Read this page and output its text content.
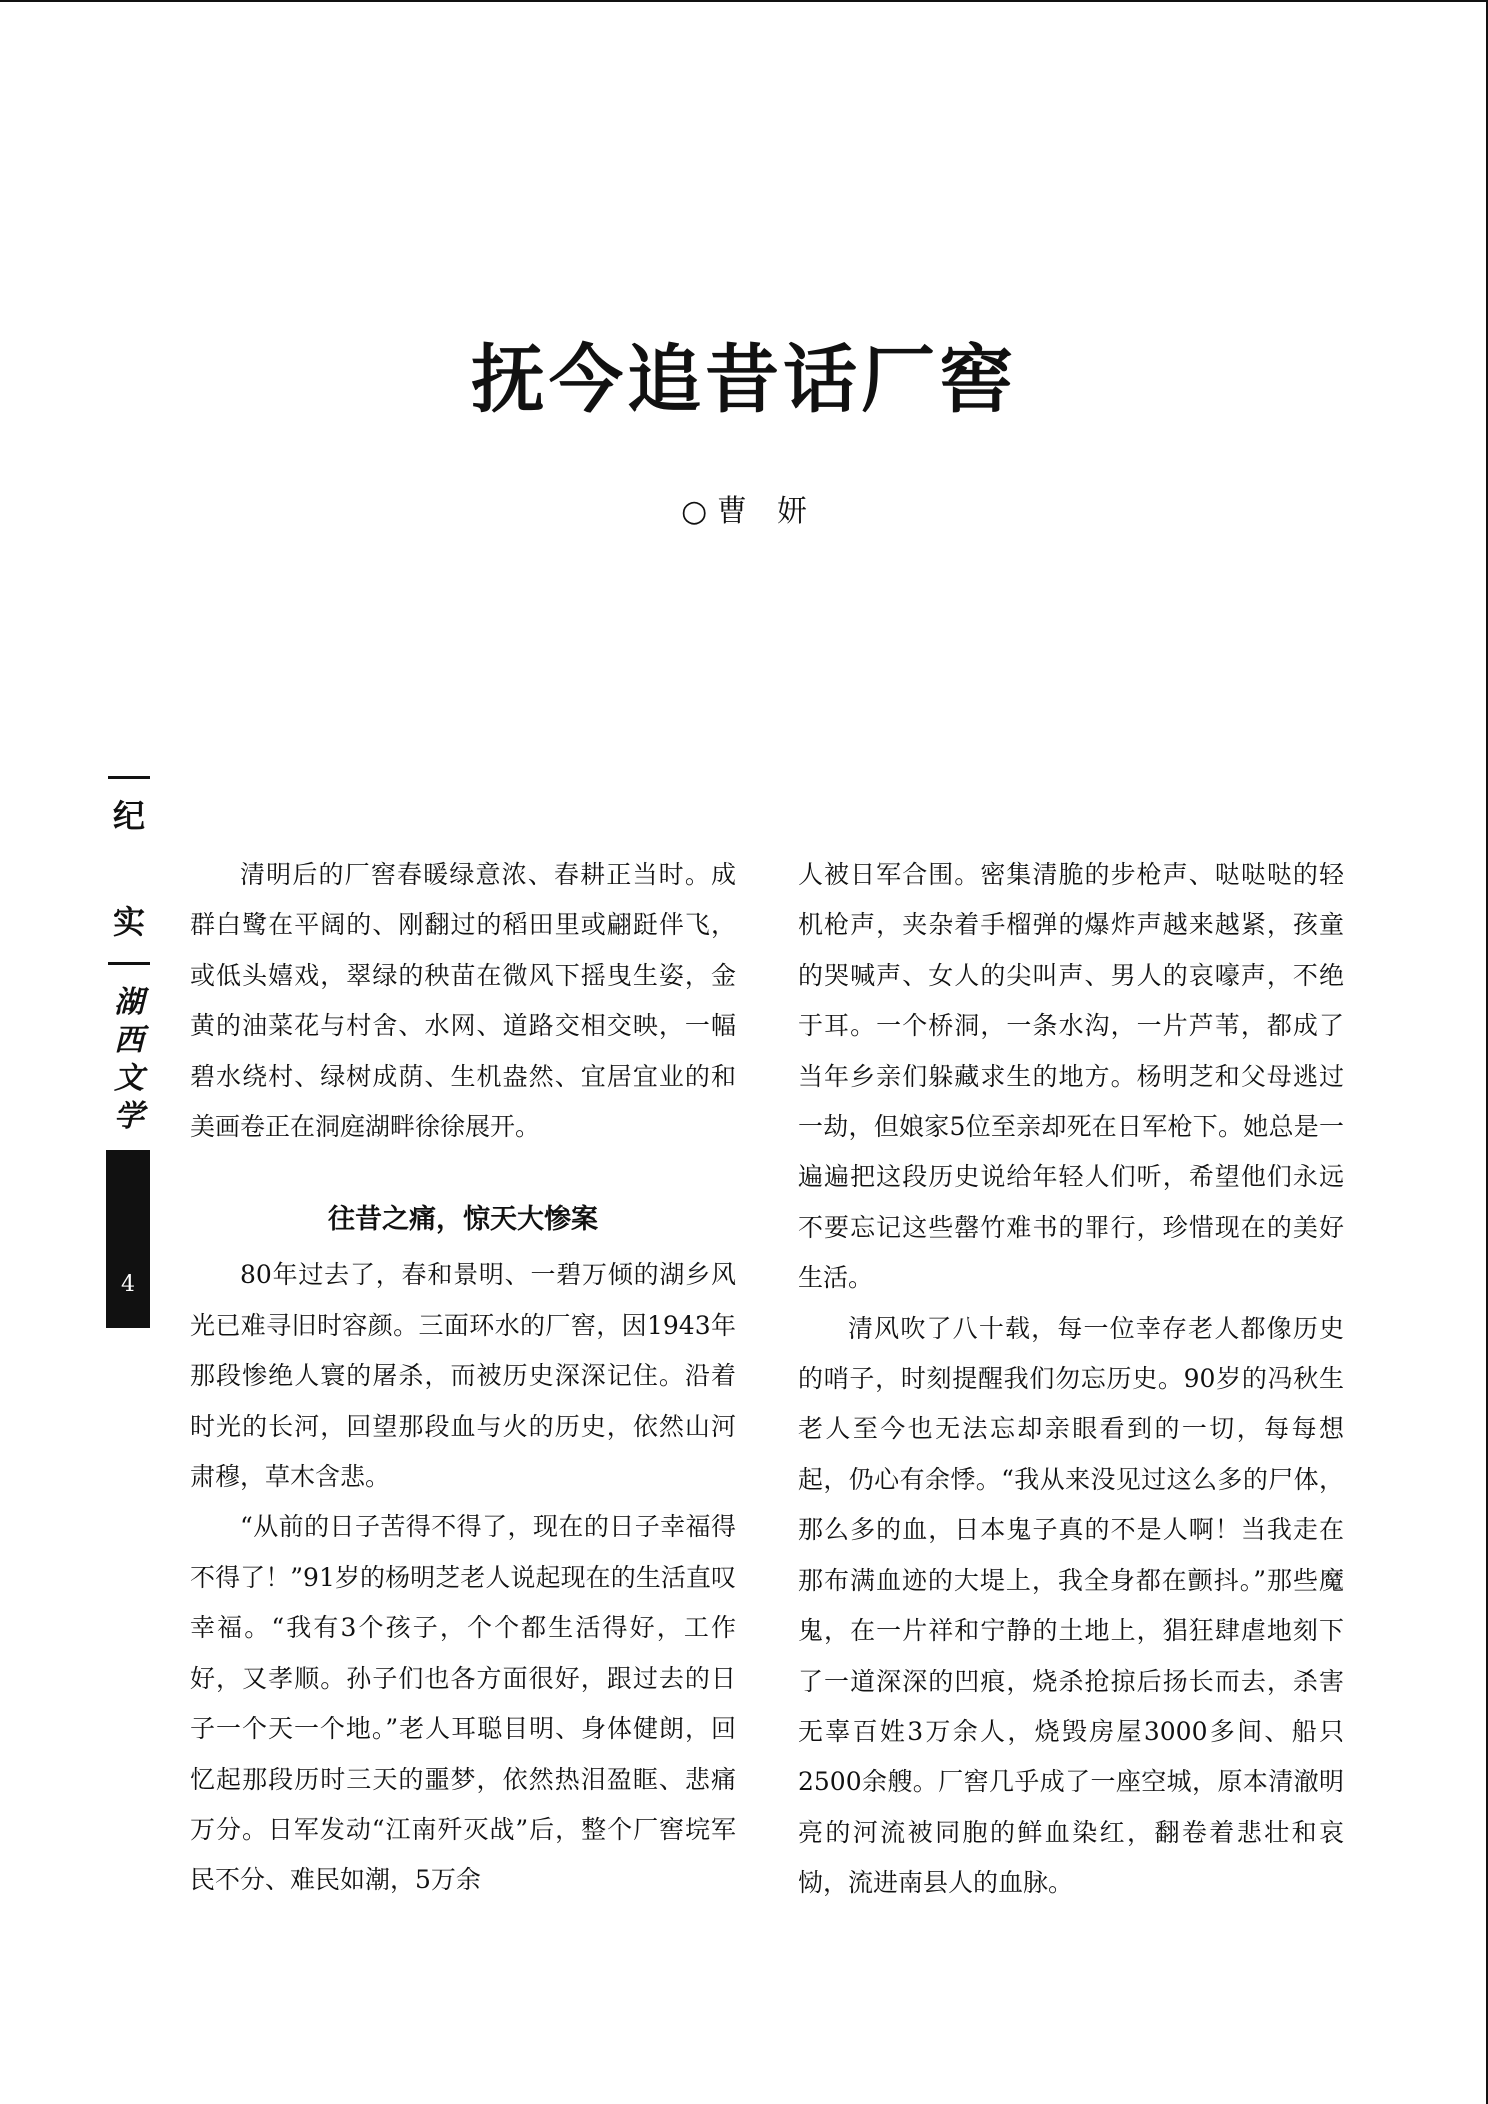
抚今追昔话厂窖
○ 曹　妍
纪
实
湖
西
文
学
4

清明后的厂窖春暖绿意浓、春耕正当时。成群白鹭在平阔的、刚翻过的稻田里或翩跹伴飞，或低头嬉戏，翠绿的秧苗在微风下摇曳生姿，金黄的油菜花与村舍、水网、道路交相交映，一幅碧水绕村、绿树成荫、生机盎然、宜居宜业的和美画卷正在洞庭湖畔徐徐展开。

往昔之痛，惊天大惨案

80年过去了，春和景明、一碧万倾的湖乡风光已难寻旧时容颜。三面环水的厂窖，因1943年那段惨绝人寰的屠杀，而被历史深深记住。沿着时光的长河，回望那段血与火的历史，依然山河肃穆，草木含悲。

“从前的日子苦得不得了，现在的日子幸福得不得了！”91岁的杨明芝老人说起现在的生活直叹幸福。“我有3个孩子，个个都生活得好，工作好，又孝顺。孙子们也各方面很好，跟过去的日子一个天一个地。”老人耳聪目明、身体健朗，回忆起那段历时三天的噩梦，依然热泪盈眶、悲痛万分。日军发动“江南歼灭战”后，整个厂窖垸军民不分、难民如潮，5万余

人被日军合围。密集清脆的步枪声、哒哒哒的轻机枪声，夹杂着手榴弹的爆炸声越来越紧，孩童的哭喊声、女人的尖叫声、男人的哀嚎声，不绝于耳。一个桥洞，一条水沟，一片芦苇，都成了当年乡亲们躲藏求生的地方。杨明芝和父母逃过一劫，但娘家5位至亲却死在日军枪下。她总是一遍遍把这段历史说给年轻人们听，希望他们永远不要忘记这些罄竹难书的罪行，珍惜现在的美好生活。

清风吹了八十载，每一位幸存老人都像历史的哨子，时刻提醒我们勿忘历史。90岁的冯秋生老人至今也无法忘却亲眼看到的一切，每每想起，仍心有余悸。“我从来没见过这么多的尸体，那么多的血，日本鬼子真的不是人啊！当我走在那布满血迹的大堤上，我全身都在颤抖。”那些魔鬼，在一片祥和宁静的土地上，猖狂肆虐地刻下了一道深深的凹痕，烧杀抢掠后扬长而去，杀害无辜百姓3万余人，烧毁房屋3000多间、船只2500余艘。厂窖几乎成了一座空城，原本清澈明亮的河流被同胞的鲜血染红，翻卷着悲壮和哀恸，流进南县人的血脉。
